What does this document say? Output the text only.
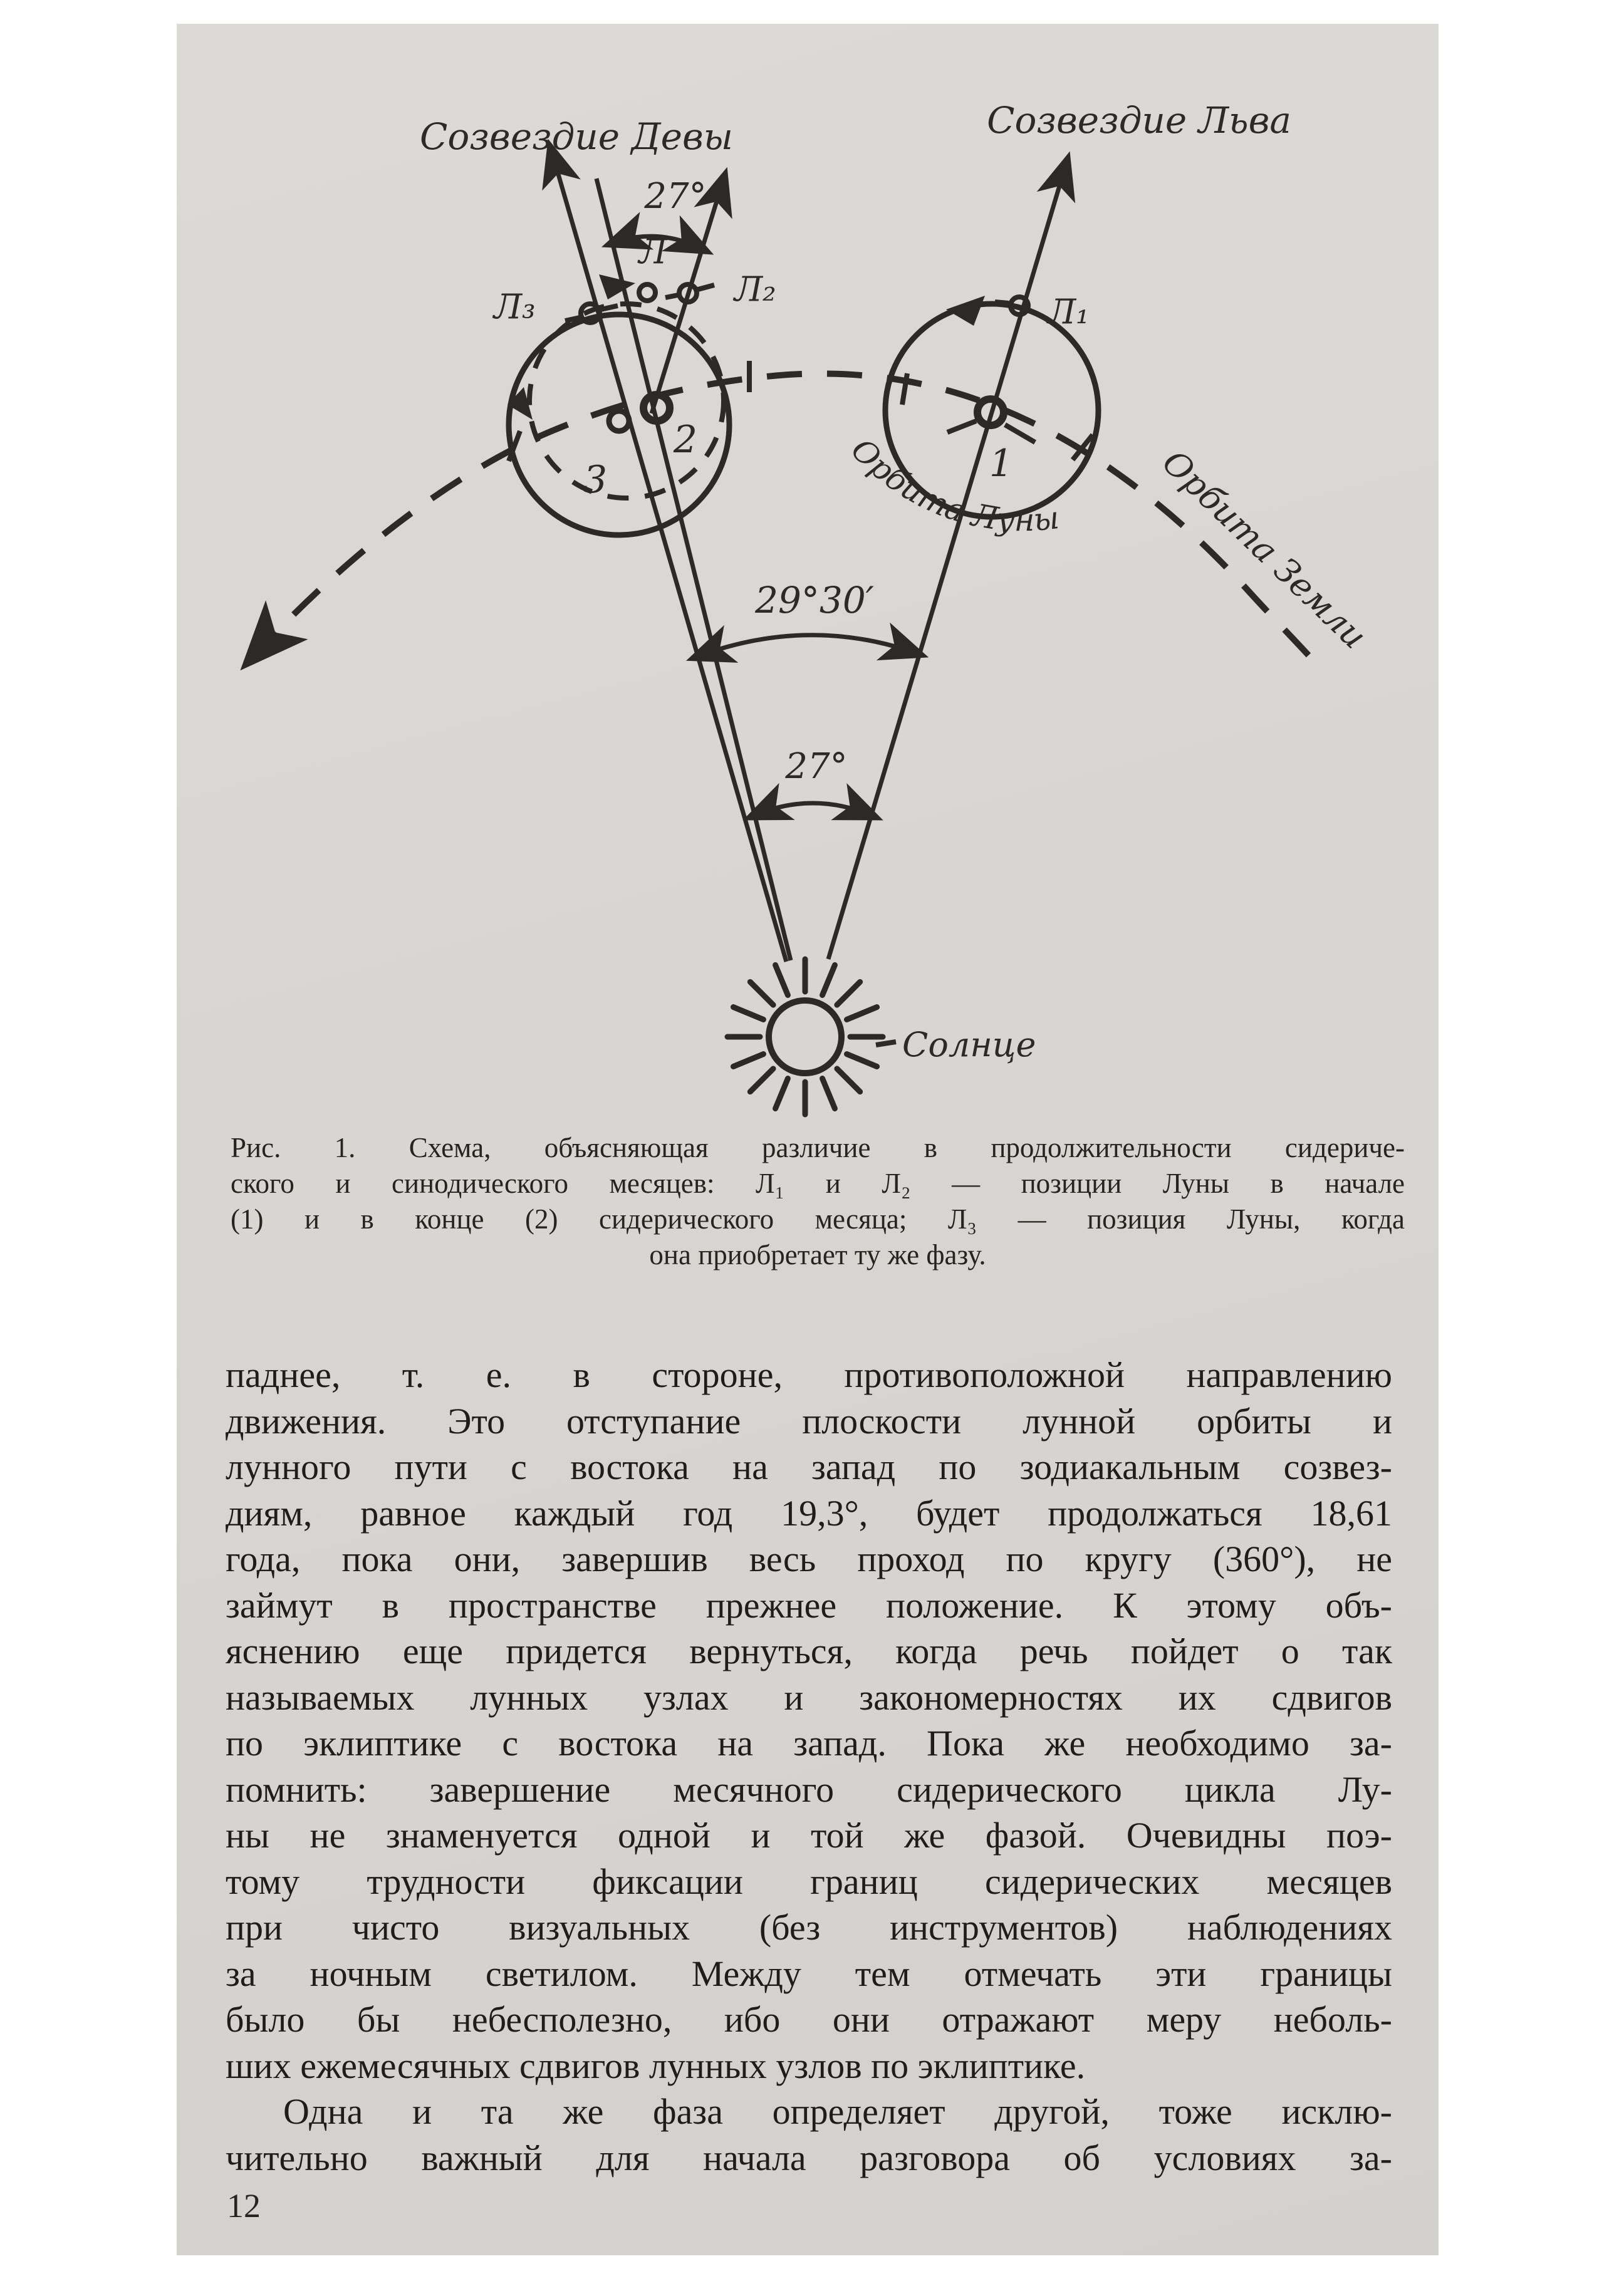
Созвездие Девы	Созвездие Льва
27°
29°30′
27°
Л
Л₂
Л₃	Л₁
2
3	1
Солнце
Орбита Луны	Орбита Земли
Рис. 1. Схема, объясняющая различие в продолжительности сидериче-
ского и синодического месяцев: Л₁ и Л₂ — позиции Луны в начале
(1) и в конце (2) сидерического месяца; Л₃ — позиция Луны, когда
она приобретает ту же фазу.
паднее, т. е. в стороне, противоположной направлению
движения. Это отступание плоскости лунной орбиты и
лунного пути с востока на запад по зодиакальным созвез-
диям, равное каждый год 19,3°, будет продолжаться 18,61
года, пока они, завершив весь проход по кругу (360°), не
займут в пространстве прежнее положение. К этому объ-
яснению еще придется вернуться, когда речь пойдет о так
называемых лунных узлах и закономерностях их сдвигов
по эклиптике с востока на запад. Пока же необходимо за-
помнить: завершение месячного сидерического цикла Лу-
ны не знаменуется одной и той же фазой. Очевидны поэ-
тому трудности фиксации границ сидерических месяцев
при чисто визуальных (без инструментов) наблюдениях
за ночным светилом. Между тем отмечать эти границы
было бы небесполезно, ибо они отражают меру неболь-
ших ежемесячных сдвигов лунных узлов по эклиптике.
Одна и та же фаза определяет другой, тоже исклю-
чительно важный для начала разговора об условиях за-
12
